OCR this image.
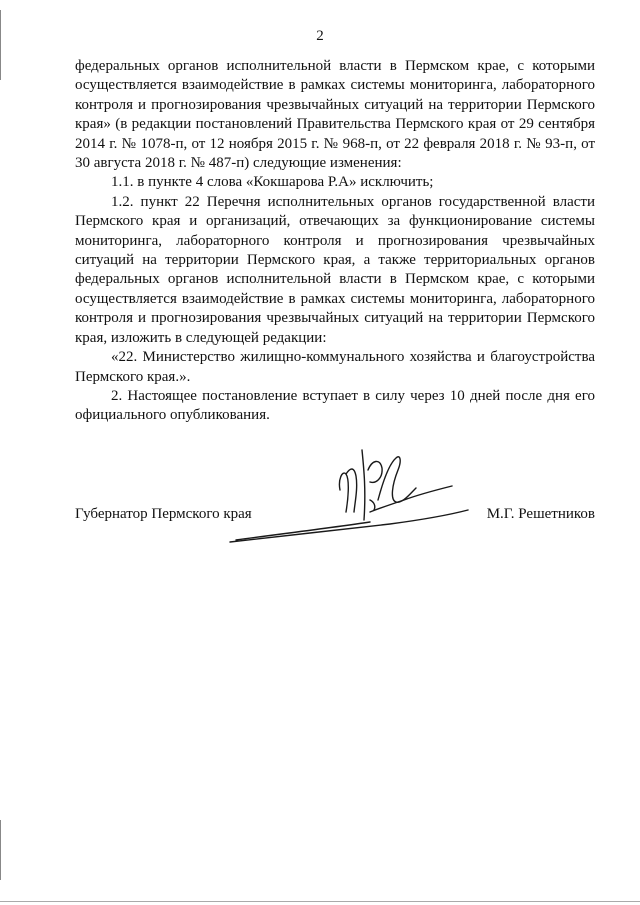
2

федеральных органов исполнительной власти в Пермском крае, с которыми осуществляется взаимодействие в рамках системы мониторинга, лабораторного контроля и прогнозирования чрезвычайных ситуаций на территории Пермского края» (в редакции постановлений Правительства Пермского края от 29 сентября 2014 г. № 1078-п, от 12 ноября 2015 г. № 968-п, от 22 февраля 2018 г. № 93-п, от 30 августа 2018 г. № 487-п) следующие изменения:

1.1. в пункте 4 слова «Кокшарова Р.А» исключить;

1.2. пункт 22 Перечня исполнительных органов государственной власти Пермского края и организаций, отвечающих за функционирование системы мониторинга, лабораторного контроля и прогнозирования чрезвычайных ситуаций на территории Пермского края, а также территориальных органов федеральных органов исполнительной власти в Пермском крае, с которыми осуществляется взаимодействие в рамках системы мониторинга, лабораторного контроля и прогнозирования чрезвычайных ситуаций на территории Пермского края, изложить в следующей редакции:

«22. Министерство жилищно-коммунального хозяйства и благоустройства Пермского края.».

2. Настоящее постановление вступает в силу через 10 дней после дня его официального опубликования.

Губернатор Пермского края	М.Г. Решетников
